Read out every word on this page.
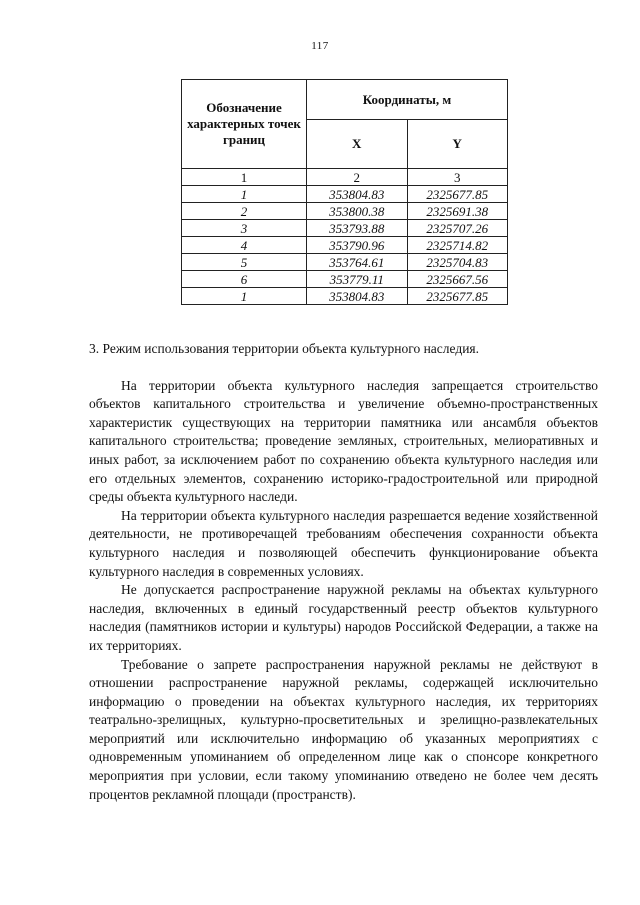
117
Обозначение характерных точек границ	Координаты, м	
	X	Y
1	2	3
1	353804.83	2325677.85
2	353800.38	2325691.38
3	353793.88	2325707.26
4	353790.96	2325714.82
5	353764.61	2325704.83
6	353779.11	2325667.56
1	353804.83	2325677.85

3. Режим использования территории объекта культурного наследия.

На территории объекта культурного наследия запрещается строительство объектов капитального строительства и увеличение объемно-пространственных характеристик существующих на территории памятника или ансамбля объектов капитального строительства; проведение земляных, строительных, мелиоративных и иных работ, за исключением работ по сохранению объекта культурного наследия или его отдельных элементов, сохранению историко-градостроительной или природной среды объекта культурного наследи.

На территории объекта культурного наследия разрешается ведение хозяйственной деятельности, не противоречащей требованиям обеспечения сохранности объекта культурного наследия и позволяющей обеспечить функционирование объекта культурного наследия в современных условиях.

Не допускается распространение наружной рекламы на объектах культурного наследия, включенных в единый государственный реестр объектов культурного наследия (памятников истории и культуры) народов Российской Федерации, а также на их территориях.

Требование о запрете распространения наружной рекламы не действуют в отношении распространение наружной рекламы, содержащей исключительно информацию о проведении на объектах культурного наследия, их территориях театрально-зрелищных, культурно-просветительных и зрелищно-развлекательных мероприятий или исключительно информацию об указанных мероприятиях с одновременным упоминанием об определенном лице как о спонсоре конкретного мероприятия при условии, если такому упоминанию отведено не более чем десять процентов рекламной площади (пространств).
